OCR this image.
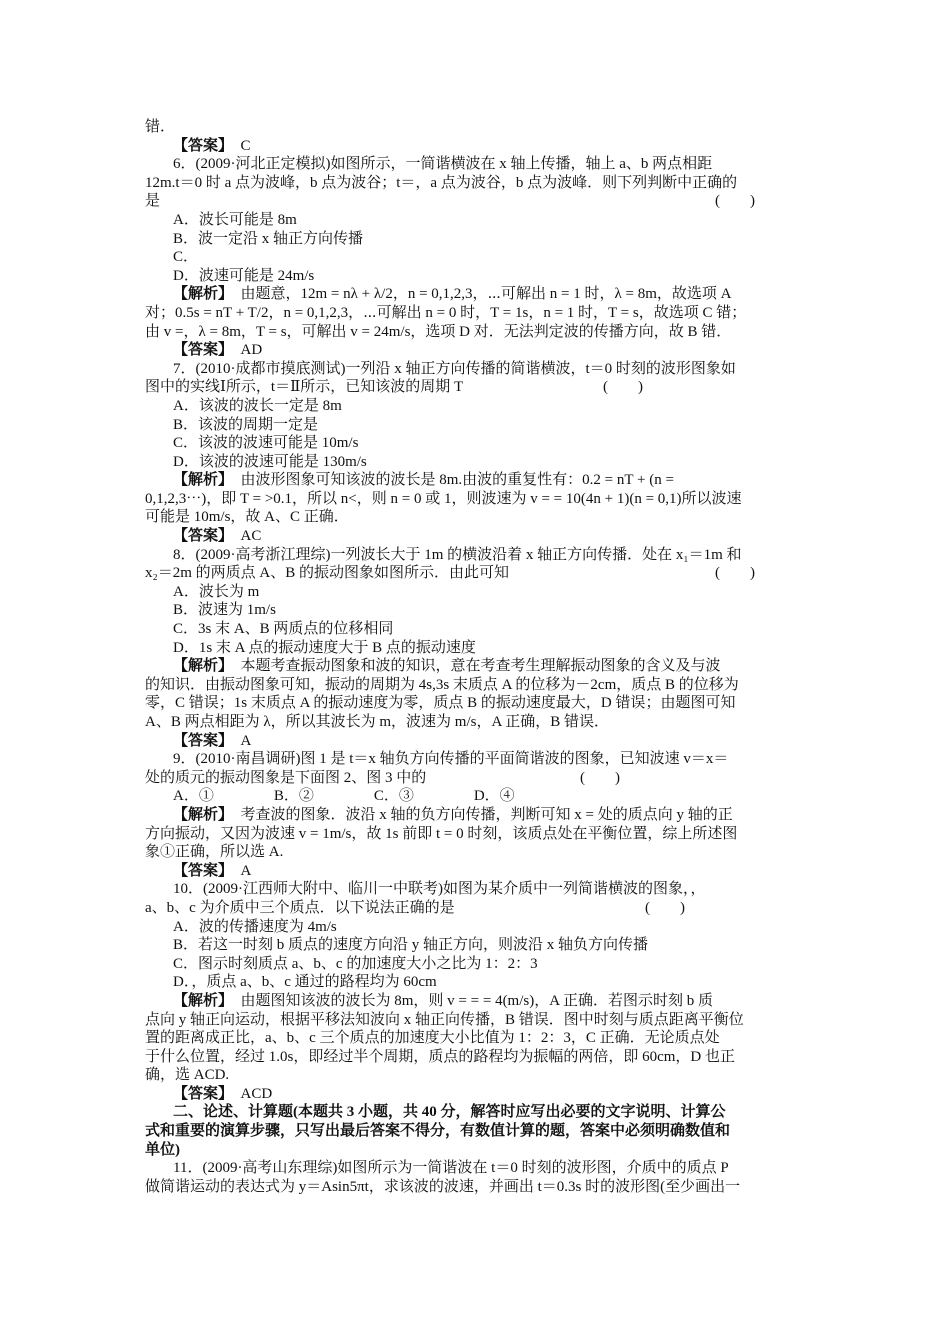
错．
【答案】　C
6．(2009·河北正定模拟)如图所示，一简谐横波在 x 轴上传播，轴上 a、b 两点相距
12m.t＝0 时 a 点为波峰，b 点为波谷；t＝，a 点为波谷，b 点为波峰．则下列判断中正确的
是	(　　)
A．波长可能是 8m
B．波一定沿 x 轴正方向传播
C．
D．波速可能是 24m/s
【解析】　由题意，12m = nλ + λ/2，n = 0,1,2,3，⋯可解出 n = 1 时，λ = 8m，故选项 A
对；0.5s = nT + T/2，n = 0,1,2,3，⋯可解出 n = 0 时，T = 1s，n = 1 时，T = s，故选项 C 错；
由 v =，λ = 8m，T = s，可解出 v = 24m/s，选项 D 对．无法判定波的传播方向，故 B 错．
【答案】　AD
7．(2010·成都市摸底测试)一列沿 x 轴正方向传播的简谐横波，t＝0 时刻的波形图象如
图中的实线Ⅰ所示，t＝Ⅱ所示，已知该波的周期 T	(　　)
A．该波的波长一定是 8m
B．该波的周期一定是
C．该波的波速可能是 10m/s
D．该波的波速可能是 130m/s
【解析】　由波形图象可知该波的波长是 8m.由波的重复性有：0.2 = nT + (n =
0,1,2,3⋯)，即 T = >0.1，所以 n<，则 n = 0 或 1，则波速为 v = = 10(4n + 1)(n = 0,1)所以波速
可能是 10m/s，故 A、C 正确．
【答案】　AC
8．(2009·高考浙江理综)一列波长大于 1m 的横波沿着 x 轴正方向传播．处在 x₁＝1m 和
x₂＝2m 的两质点 A、B 的振动图象如图所示．由此可知	(　　)
A．波长为 m
B．波速为 1m/s
C．3s 末 A、B 两质点的位移相同
D．1s 末 A 点的振动速度大于 B 点的振动速度
【解析】　本题考查振动图象和波的知识，意在考查考生理解振动图象的含义及与波
的知识．由振动图象可知，振动的周期为 4s,3s 末质点 A 的位移为－2cm，质点 B 的位移为
零，C 错误；1s 末质点 A 的振动速度为零，质点 B 的振动速度最大，D 错误；由题图可知
A、B 两点相距为 λ，所以其波长为 m，波速为 m/s，A 正确，B 错误．
【答案】　A
9．(2010·南昌调研)图 1 是 t＝x 轴负方向传播的平面简谐波的图象，已知波速 v＝x＝
处的质元的振动图象是下面图 2、图 3 中的	(　　)
A．①　　　　B．②　　　　C．③　　　　D．④
【解析】　考查波的图象．波沿 x 轴的负方向传播，判断可知 x = 处的质点向 y 轴的正
方向振动，又因为波速 v = 1m/s，故 1s 前即 t = 0 时刻，该质点处在平衡位置，综上所述图
象①正确，所以选 A.
【答案】　A
10．(2009·江西师大附中、临川一中联考)如图为某介质中一列简谐横波的图象，，
a、b、c 为介质中三个质点．以下说法正确的是	(　　)
A．波的传播速度为 4m/s
B．若这一时刻 b 质点的速度方向沿 y 轴正方向，则波沿 x 轴负方向传播
C．图示时刻质点 a、b、c 的加速度大小之比为 1：2：3
D．，质点 a、b、c 通过的路程均为 60cm
【解析】　由题图知该波的波长为 8m，则 v = = = 4(m/s)，A 正确．若图示时刻 b 质
点向 y 轴正向运动，根据平移法知波向 x 轴正向传播，B 错误．图中时刻与质点距离平衡位
置的距离成正比，a、b、c 三个质点的加速度大小比值为 1：2：3，C 正确．无论质点处
于什么位置，经过 1.0s，即经过半个周期，质点的路程均为振幅的两倍，即 60cm，D 也正
确，选 ACD.
【答案】　ACD
二、论述、计算题(本题共 3 小题，共 40 分，解答时应写出必要的文字说明、计算公
式和重要的演算步骤，只写出最后答案不得分，有数值计算的题，答案中必须明确数值和
单位)
11．(2009·高考山东理综)如图所示为一简谐波在 t＝0 时刻的波形图，介质中的质点 P
做简谐运动的表达式为 y＝Asin5πt，求该波的波速，并画出 t＝0.3s 时的波形图(至少画出一
